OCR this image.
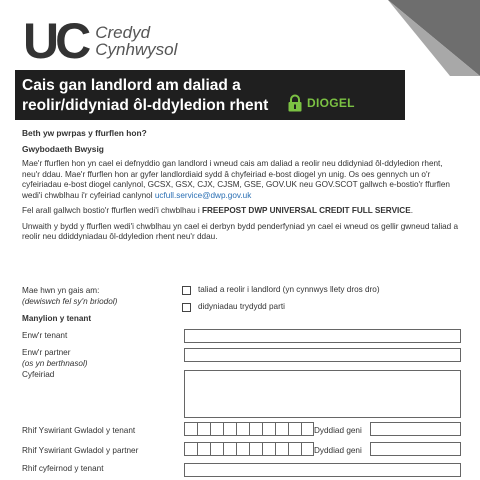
UC Credyd
Cynhwysol
Cais gan landlord am daliad a reolir/didyniad ôl-ddyledion rhent	DIOGEL
Beth yw pwrpas y ffurflen hon?
Gwybodaeth Bwysig
Mae'r ffurflen hon yn cael ei defnyddio gan landlord i wneud cais am daliad a reolir neu ddidyniad ôl-ddyledion rhent, neu'r ddau. Mae'r ffurflen hon ar gyfer landlordiaid sydd â chyfeiriad e-bost diogel yn unig. Os oes gennych un o'r cyfeiriadau e-bost diogel canlynol, GCSX, GSX, CJX, CJSM, GSE, GOV.UK neu GOV.SCOT gallwch e-bostio'r ffurflen wedi'i chwblhau i'r cyfeiriad canlynol ucfull.service@dwp.gov.uk
Fel arall gallwch bostio'r ffurflen wedi'i chwblhau i FREEPOST DWP UNIVERSAL CREDIT FULL SERVICE.
Unwaith y bydd y ffurflen wedi'i chwblhau yn cael ei derbyn bydd penderfyniad yn cael ei wneud os gellir gwneud taliad a reolir neu ddiddyniadau ôl-ddyledion rhent neu'r ddau.
Mae hwn yn gais am:
(dewiswch fel sy'n briodol)
taliad a reolir i landlord (yn cynnwys llety dros dro)
didyniadau trydydd parti
Manylion y tenant
Enw'r tenant
Enw'r partner
(os yn berthnasol)
Cyfeiriad
Rhif Yswiriant Gwladol y tenant	Dyddiad geni
Rhif Yswiriant Gwladol y partner	Dyddiad geni
Rhif cyfeirnod y tenant
